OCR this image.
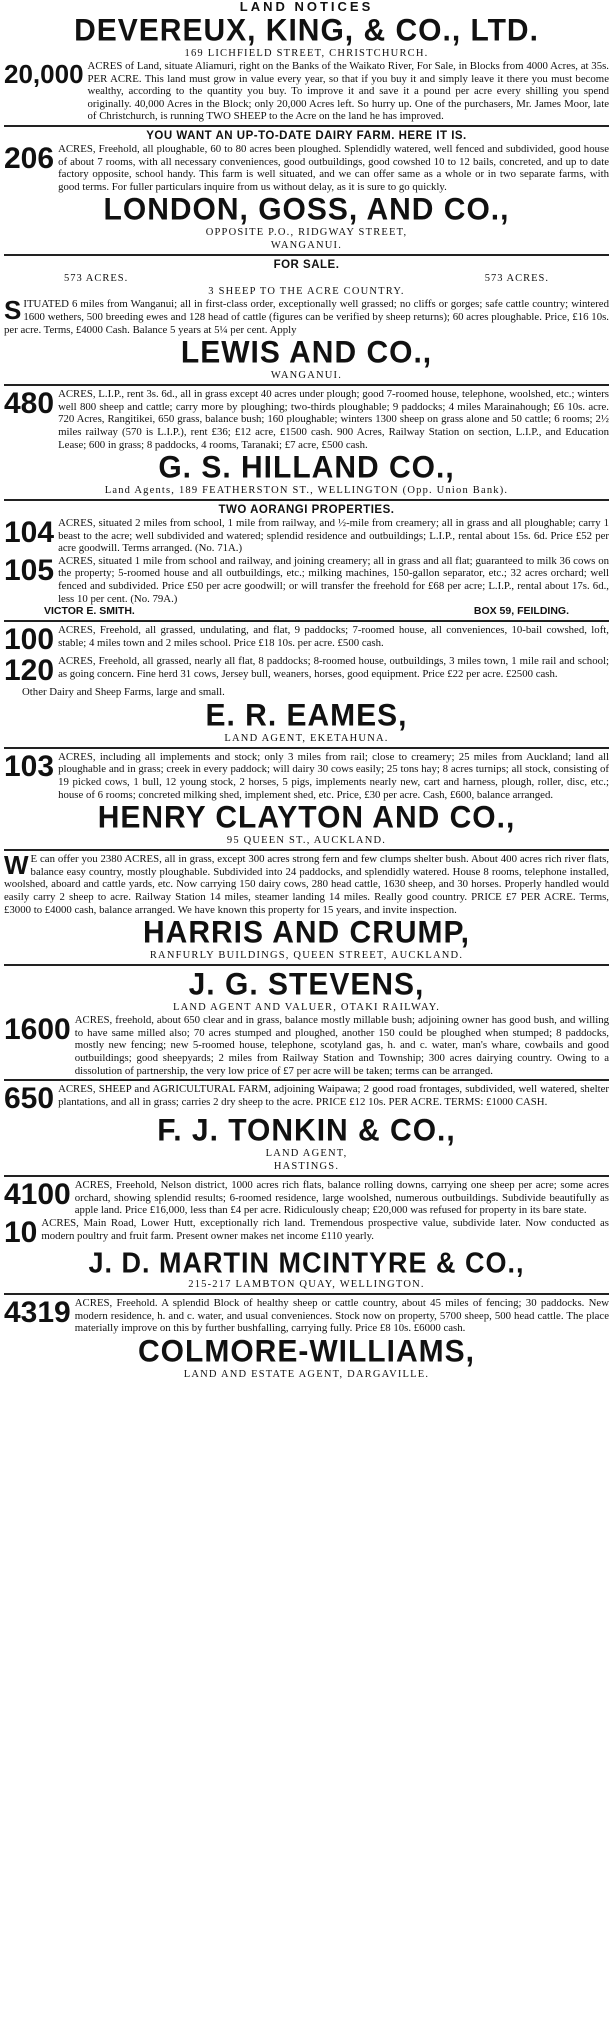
LAND NOTICES
DEVEREUX, KING, & CO., LTD.
169 LICHFIELD STREET, CHRISTCHURCH.
20,000 ACRES of Land, situate Aliamuri, right on the Banks of the Waikato River, For Sale, in Blocks from 4000 Acres, at 35s. PER ACRE. This land must grow in value every year, so that if you buy it and simply leave it there you must become wealthy, according to the quantity you buy. To improve it and save it a pound per acre every shilling you spend originally. 40,000 Acres in the Block; only 20,000 Acres left. So hurry up. One of the purchasers, Mr. James Moor, late of Christchurch, is running TWO SHEEP to the Acre on the land he has improved.
YOU WANT AN UP-TO-DATE DAIRY FARM. HERE IT IS.
206 ACRES, Freehold, all ploughable, 60 to 80 acres been ploughed. Splendidly watered, well fenced and subdivided, good house of about 7 rooms, with all necessary conveniences, good outbuildings, good cowshed 10 to 12 bails, concreted, and up to date factory opposite, school handy. This farm is well situated, and we can offer same as a whole or in two separate farms, with good terms. For fuller particulars inquire from us without delay, as it is sure to go quickly.
LONDON, GOSS, AND CO.,
OPPOSITE P.O., RIDGWAY STREET,
WANGANUI.
FOR SALE.
573 ACRES.	573 ACRES.
3 SHEEP TO THE ACRE COUNTRY.
SITUATED 6 miles from Wanganui; all in first-class order, exceptionally well grassed; no cliffs or gorges; safe cattle country; wintered 1600 wethers, 500 breeding ewes and 128 head of cattle (figures can be verified by sheep returns); 60 acres ploughable. Price, £16 10s. per acre. Terms, £4000 Cash. Balance 5 years at 5¼ per cent. Apply
LEWIS AND CO.,
WANGANUI.
480 ACRES, L.I.P., rent 3s. 6d., all in grass except 40 acres under plough; good 7-roomed house, telephone, woolshed, etc.; winters well 800 sheep and cattle; carry more by ploughing; two-thirds ploughable; 9 paddocks; 4 miles Marainahough; £6 10s. acre. 720 Acres, Rangitikei, 650 grass, balance bush; 160 ploughable; winters 1300 sheep on grass alone and 50 cattle; 6 rooms; 2½ miles railway (570 is L.I.P.), rent £36; £12 acre, £1500 cash. 900 Acres, Railway Station on section, L.I.P., and Education Lease; 600 in grass; 8 paddocks, 4 rooms, Taranaki; £7 acre, £500 cash.
G. S. HILLAND CO.,
Land Agents, 189 FEATHERSTON ST., WELLINGTON (Opp. Union Bank).
TWO AORANGI PROPERTIES.
104 ACRES, situated 2 miles from school, 1 mile from railway, and ½-mile from creamery; all in grass and all ploughable; carry 1 beast to the acre; well subdivided and watered; splendid residence and outbuildings; L.I.P., rental about 15s. 6d. Price £52 per acre goodwill. Terms arranged. (No. 71A.)
105 ACRES, situated 1 mile from school and railway, and joining creamery; all in grass and all flat; guaranteed to milk 36 cows on the property; 5-roomed house and all outbuildings, etc.; milking machines, 150-gallon separator, etc.; 32 acres orchard; well fenced and subdivided. Price £50 per acre goodwill; or will transfer the freehold for £68 per acre; L.I.P., rental about 17s. 6d., less 10 per cent. (No. 79A.)
VICTOR E. SMITH.	BOX 59, FEILDING.
100 ACRES, Freehold, all grassed, undulating, and flat, 9 paddocks; 7-roomed house, all conveniences, 10-bail cowshed, loft, stable; 4 miles town and 2 miles school. Price £18 10s. per acre. £500 cash.
120 ACRES, Freehold, all grassed, nearly all flat, 8 paddocks; 8-roomed house, outbuildings, 3 miles town, 1 mile rail and school; as going concern. Fine herd 31 cows, Jersey bull, weaners, horses, good equipment. Price £22 per acre. £2500 cash.
Other Dairy and Sheep Farms, large and small.
E. R. EAMES,
LAND AGENT, EKETAHUNA.
103 ACRES, including all implements and stock; only 3 miles from rail; close to creamery; 25 miles from Auckland; land all ploughable and in grass; creek in every paddock; will dairy 30 cows easily; 25 tons hay; 8 acres turnips; all stock, consisting of 19 picked cows, 1 bull, 12 young stock, 2 horses, 5 pigs, implements nearly new, cart and harness, plough, roller, disc, etc.; house of 6 rooms; concreted milking shed, implement shed, etc. Price, £30 per acre. Cash, £600, balance arranged.
HENRY CLAYTON AND CO.,
95 QUEEN ST., AUCKLAND.
W E can offer you 2380 ACRES, all in grass, except 300 acres strong fern and few clumps shelter bush. About 400 acres rich river flats, balance easy country, mostly ploughable. Subdivided into 24 paddocks, and splendidly watered. House 8 rooms, telephone installed, woolshed, aboard and cattle yards, etc. Now carrying 150 dairy cows, 280 head cattle, 1630 sheep, and 30 horses. Properly handled would easily carry 2 sheep to acre. Railway Station 14 miles, steamer landing 14 miles. Really good country. PRICE £7 PER ACRE. Terms, £3000 to £4000 cash, balance arranged. We have known this property for 15 years, and invite inspection.
HARRIS AND CRUMP,
RANFURLY BUILDINGS, QUEEN STREET, AUCKLAND.
J. G. STEVENS,
LAND AGENT AND VALUER, OTAKI RAILWAY.
1600 ACRES, freehold, about 650 clear and in grass, balance mostly millable bush; adjoining owner has good bush, and willing to have same milled also; 70 acres stumped and ploughed, another 150 could be ploughed when stumped; 8 paddocks, mostly new fencing; new 5-roomed house, telephone, scotyland gas, h. and c. water, man's whare, cowbails and good outbuildings; good sheepyards; 2 miles from Railway Station and Township; 300 acres dairying country. Owing to a dissolution of partnership, the very low price of £7 per acre will be taken; terms can be arranged.
650 ACRES, SHEEP and AGRICULTURAL FARM, adjoining Waipawa; 2 good road frontages, subdivided, well watered, shelter plantations, and all in grass; carries 2 dry sheep to the acre. PRICE £12 10s. PER ACRE. TERMS: £1000 CASH.
F. J. TONKIN & CO.,
LAND AGENT,
HASTINGS.
4100 ACRES, Freehold, Nelson district, 1000 acres rich flats, balance rolling downs, carrying one sheep per acre; some acres orchard, showing splendid results; 6-roomed residence, large woolshed, numerous outbuildings. Subdivide beautifully as apple land. Price £16,000, less than £4 per acre. Ridiculously cheap; £20,000 was refused for property in its bare state.
10 ACRES, Main Road, Lower Hutt, exceptionally rich land. Tremendous prospective value, subdivide later. Now conducted as modern poultry and fruit farm. Present owner makes net income £110 yearly.
J. D. MARTIN MCINTYRE & CO.,
215-217 LAMBTON QUAY, WELLINGTON.
4319 ACRES, Freehold. A splendid Block of healthy sheep or cattle country, about 45 miles of fencing; 30 paddocks. New modern residence, h. and c. water, and usual conveniences. Stock now on property, 5700 sheep, 500 head cattle. The place materially improve on this by further bushfalling, carrying fully. Price £8 10s. £6000 cash.
COLMORE-WILLIAMS,
LAND AND ESTATE AGENT, DARGAVILLE.
